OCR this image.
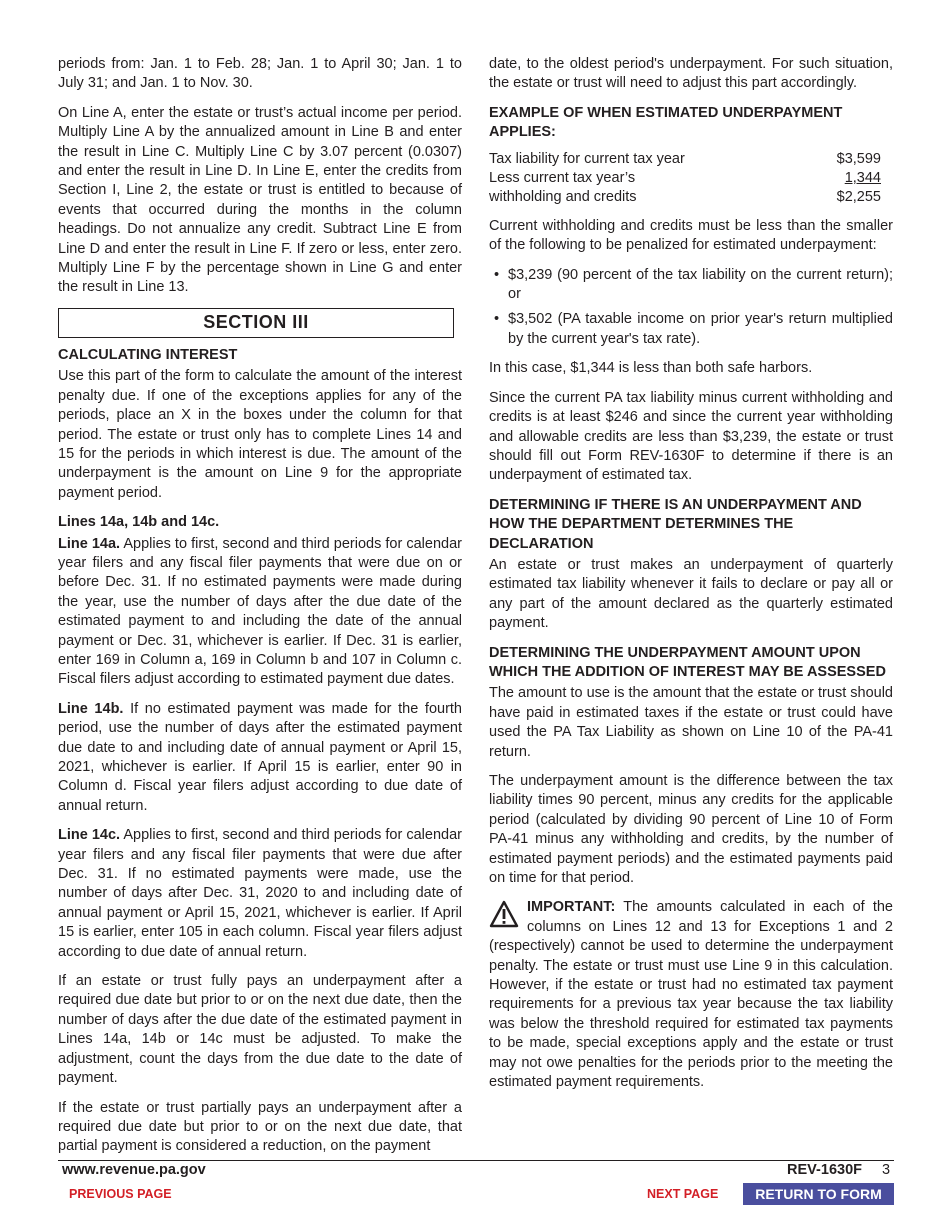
periods from: Jan. 1 to Feb. 28; Jan. 1 to April 30; Jan. 1 to July 31; and Jan. 1 to Nov. 30.

On Line A, enter the estate or trust’s actual income per period. Multiply Line A by the annualized amount in Line B and enter the result in Line C. Multiply Line C by 3.07 percent (0.0307) and enter the result in Line D. In Line E, enter the credits from Section I, Line 2, the estate or trust is entitled to because of events that occurred during the months in the column headings. Do not annualize any credit. Subtract Line E from Line D and enter the result in Line F. If zero or less, enter zero. Multiply Line F by the percentage shown in Line G and enter the result in Line 13.

SECTION III
CALCULATING INTEREST

Use this part of the form to calculate the amount of the interest penalty due. If one of the exceptions applies for any of the periods, place an X in the boxes under the column for that period. The estate or trust only has to complete Lines 14 and 15 for the periods in which interest is due. The amount of the underpayment is the amount on Line 9 for the appropriate payment period.

Lines 14a, 14b and 14c.

Line 14a. Applies to first, second and third periods for calendar year filers and any fiscal filer payments that were due on or before Dec. 31. If no estimated payments were made during the year, use the number of days after the due date of the estimated payment to and including the date of the annual payment or Dec. 31, whichever is earlier. If Dec. 31 is earlier, enter 169 in Column a, 169 in Column b and 107 in Column c. Fiscal filers adjust according to estimated payment due dates.

Line 14b. If no estimated payment was made for the fourth period, use the number of days after the estimated payment due date to and including date of annual payment or April 15, 2021, whichever is earlier. If April 15 is earlier, enter 90 in Column d. Fiscal year filers adjust according to due date of annual return.

Line 14c. Applies to first, second and third periods for calendar year filers and any fiscal filer payments that were due after Dec. 31. If no estimated payments were made, use the number of days after Dec. 31, 2020 to and including date of annual payment or April 15, 2021, whichever is earlier. If April 15 is earlier, enter 105 in each column. Fiscal year filers adjust according to due date of annual return.

If an estate or trust fully pays an underpayment after a required due date but prior to or on the next due date, then the number of days after the due date of the estimated payment in Lines 14a, 14b or 14c must be adjusted. To make the adjustment, count the days from the due date to the date of payment.

If the estate or trust partially pays an underpayment after a required due date but prior to or on the next due date, that partial payment is considered a reduction, on the payment

date, to the oldest period's underpayment. For such situation, the estate or trust will need to adjust this part accordingly.

EXAMPLE OF WHEN ESTIMATED UNDERPAYMENT APPLIES:
Tax liability for current tax year	$3,599
Less current tax year’s	1,344
withholding and credits	$2,255

Current withholding and credits must be less than the smaller of the following to be penalized for estimated underpayment:

• $3,239 (90 percent of the tax liability on the current return); or
• $3,502 (PA taxable income on prior year's return multiplied by the current year's tax rate).

In this case, $1,344 is less than both safe harbors.

Since the current PA tax liability minus current withholding and credits is at least $246 and since the current year withholding and allowable credits are less than $3,239, the estate or trust should fill out Form REV-1630F to determine if there is an underpayment of estimated tax.

DETERMINING IF THERE IS AN UNDERPAYMENT AND HOW THE DEPARTMENT DETERMINES THE DECLARATION

An estate or trust makes an underpayment of quarterly estimated tax liability whenever it fails to declare or pay all or any part of the amount declared as the quarterly estimated payment.

DETERMINING THE UNDERPAYMENT AMOUNT UPON WHICH THE ADDITION OF INTEREST MAY BE ASSESSED

The amount to use is the amount that the estate or trust should have paid in estimated taxes if the estate or trust could have used the PA Tax Liability as shown on Line 10 of the PA-41 return.

The underpayment amount is the difference between the tax liability times 90 percent, minus any credits for the applicable period (calculated by dividing 90 percent of Line 10 of Form PA-41 minus any withholding and credits, by the number of estimated payment periods) and the estimated payments paid on time for that period.

IMPORTANT: The amounts calculated in each of the columns on Lines 12 and 13 for Exceptions 1 and 2 (respectively) cannot be used to determine the underpayment penalty. The estate or trust must use Line 9 in this calculation. However, if the estate or trust had no estimated tax payment requirements for a previous tax year because the tax liability was below the threshold required for estimated tax payments to be made, special exceptions apply and the estate or trust may not owe penalties for the periods prior to the meeting the estimated payment requirements.
www.revenue.pa.gov	REV-1630F 3
PREVIOUS PAGE	NEXT PAGE	RETURN TO FORM
